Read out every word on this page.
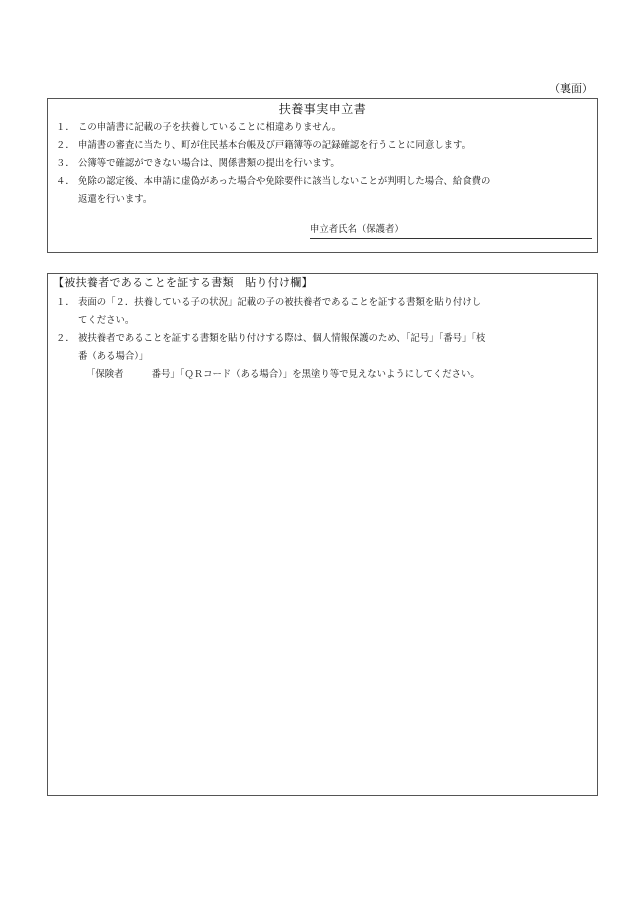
（裏面）
扶養事実申立書
１． この申請書に記載の子を扶養していることに相違ありません。
２． 申請書の審査に当たり、町が住民基本台帳及び戸籍簿等の記録確認を行うことに同意します。
３． 公簿等で確認ができない場合は、関係書類の提出を行います。
４． 免除の認定後、本申請に虚偽があった場合や免除要件に該当しないことが判明した場合、給食費の
返還を行います。
申立者氏名（保護者）
【被扶養者であることを証する書類　貼り付け欄】
１． 表面の「２．扶養している子の状況」記載の子の被扶養者であることを証する書類を貼り付けし
てください。
２． 被扶養者であることを証する書類を貼り付けする際は、個人情報保護のため、「記号」「番号」「枝
番（ある場合）」
「保険者　　　番号」「ＱＲコード（ある場合）」を黒塗り等で見えないようにしてください。
